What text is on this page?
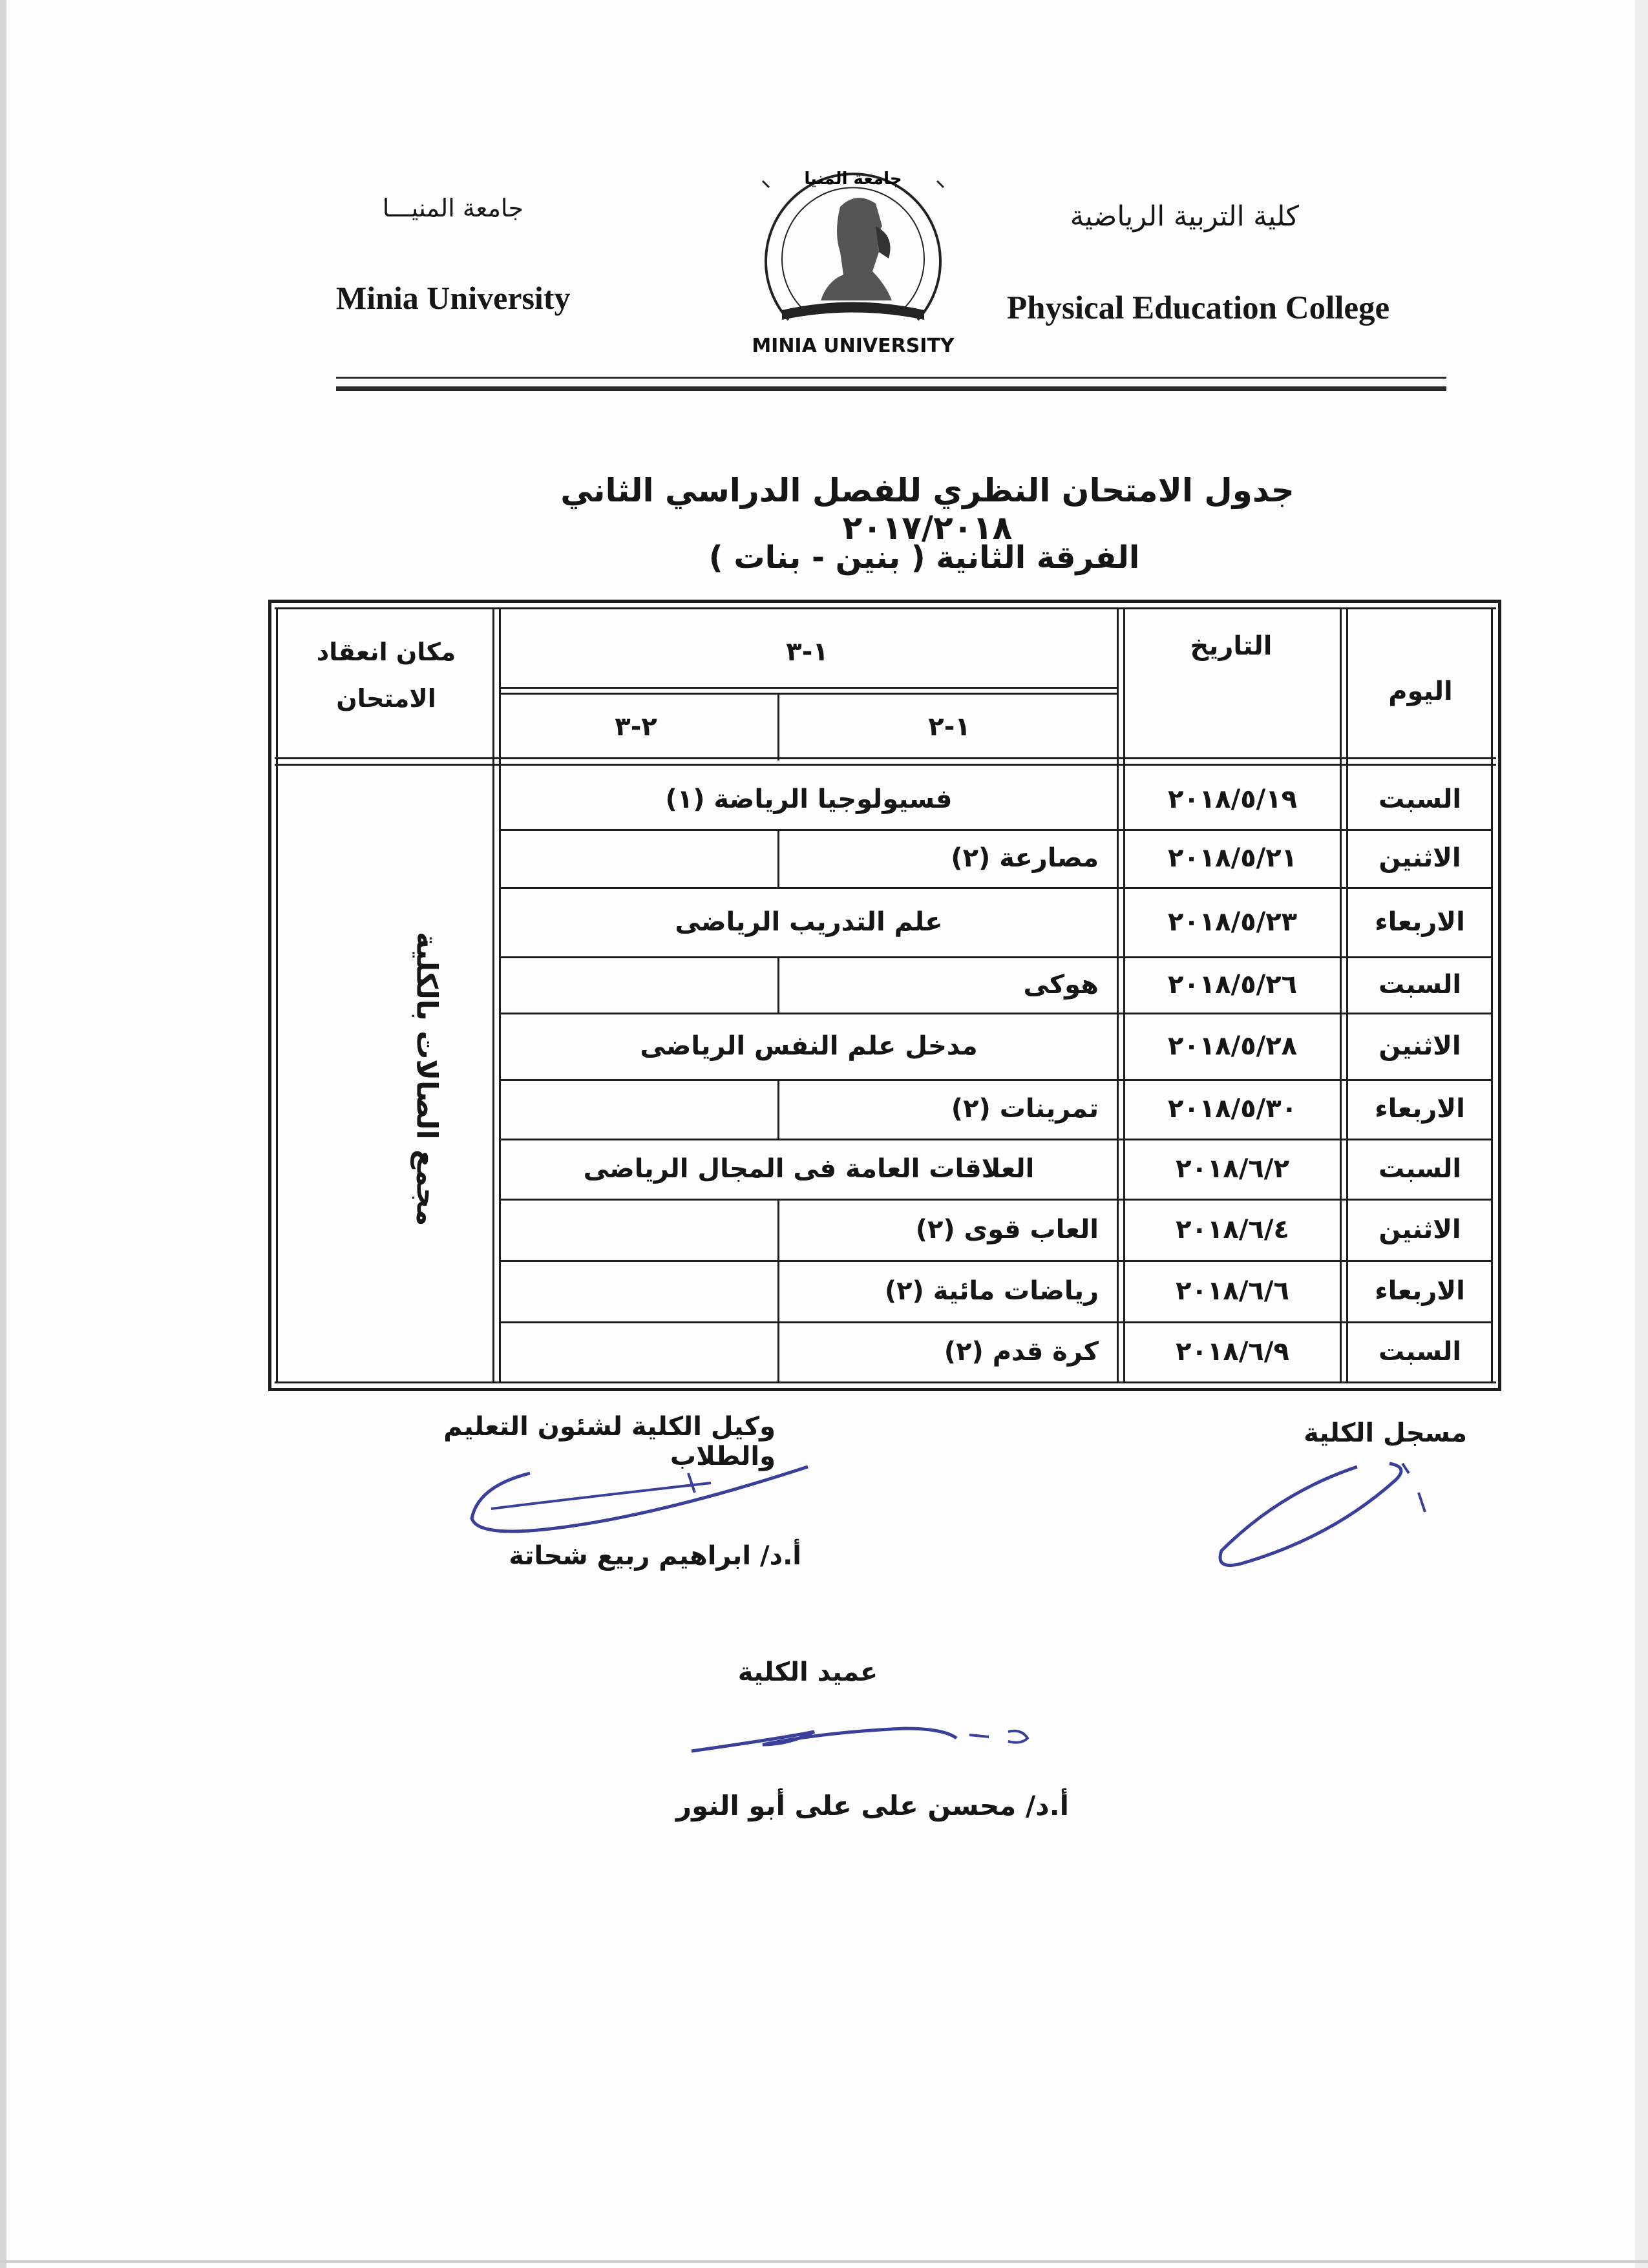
جامعة المنيـــا
Minia University
كلية التربية الرياضية
Physical Education College
جامعة المنيا
MINIA UNIVERSITY
جدول الامتحان النظري للفصل الدراسي الثاني ٢٠١٧/٢٠١٨
الفرقة الثانية ( بنين - بنات )
اليوم
التاريخ
١-٣
١-٢
٢-٣
مكان انعقاد الامتحان
مجمع الصالات بالكلية
السبت
٢٠١٨/٥/١٩
فسيولوجيا الرياضة (١)
الاثنين
٢٠١٨/٥/٢١
مصارعة (٢)
الاربعاء
٢٠١٨/٥/٢٣
علم التدريب الرياضى
السبت
٢٠١٨/٥/٢٦
هوكى
الاثنين
٢٠١٨/٥/٢٨
مدخل علم النفس الرياضى
الاربعاء
٢٠١٨/٥/٣٠
تمرينات (٢)
السبت
٢٠١٨/٦/٢
العلاقات العامة فى المجال الرياضى
الاثنين
٢٠١٨/٦/٤
العاب قوى (٢)
الاربعاء
٢٠١٨/٦/٦
رياضات مائية (٢)
السبت
٢٠١٨/٦/٩
كرة قدم (٢)
وكيل الكلية لشئون التعليم والطلاب
مسجل الكلية
أ.د/ ابراهيم ربيع شحاتة
عميد الكلية
أ.د/ محسن على على أبو النور
